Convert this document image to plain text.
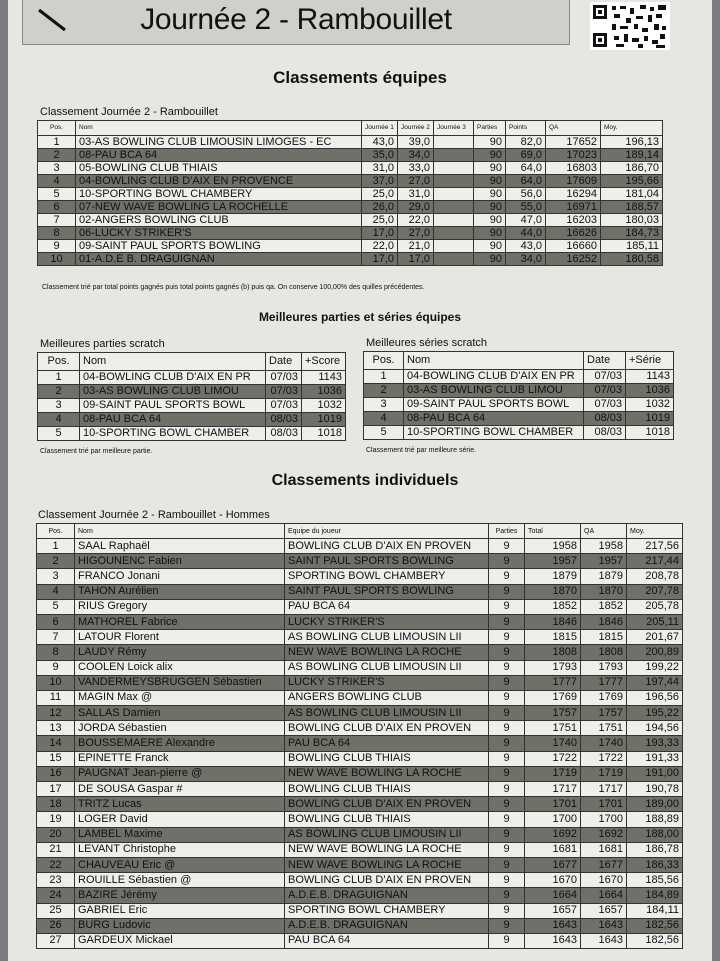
Journée 2 - Rambouillet
Classements équipes
Classement Journée 2 - Rambouillet
Pos.	Nom	Journée 1	Journée 2	Journée 3	Parties	Points	QA	Moy.
1	03-AS BOWLING CLUB LIMOUSIN LIMOGES - EC	43,0	39,0		90	82,0	17652	196,13
2	08-PAU BCA 64	35,0	34,0		90	69,0	17023	189,14
3	05-BOWLING CLUB THIAIS	31,0	33,0		90	64,0	16803	186,70
4	04-BOWLING CLUB D'AIX EN PROVENCE	37,0	27,0		90	64,0	17609	195,66
5	10-SPORTING BOWL CHAMBERY	25,0	31,0		90	56,0	16294	181,04
6	07-NEW WAVE BOWLING LA ROCHELLE	26,0	29,0		90	55,0	16971	188,57
7	02-ANGERS BOWLING CLUB	25,0	22,0		90	47,0	16203	180,03
8	06-LUCKY STRIKER'S	17,0	27,0		90	44,0	16626	184,73
9	09-SAINT PAUL SPORTS BOWLING	22,0	21,0		90	43,0	16660	185,11
10	01-A.D.E B. DRAGUIGNAN	17,0	17,0		90	34,0	16252	180,58
Classement trié par total points gagnés puis total points gagnés (b) puis qa. On conserve 100,00% des quilles précédentes.
Meilleures parties et séries équipes
Meilleures parties scratch
Pos.	Nom	Date	+Score
1	04-BOWLING CLUB D'AIX EN PR	07/03	1143
2	03-AS BOWLING CLUB LIMOU	07/03	1036
3	09-SAINT PAUL SPORTS BOWL	07/03	1032
4	08-PAU BCA 64	08/03	1019
5	10-SPORTING BOWL CHAMBER	08/03	1018
Classement trié par meilleure partie.
Meilleures séries scratch
Pos.	Nom	Date	+Série
1	04-BOWLING CLUB D'AIX EN PR	07/03	1143
2	03-AS BOWLING CLUB LIMOU	07/03	1036
3	09-SAINT PAUL SPORTS BOWL	07/03	1032
4	08-PAU BCA 64	08/03	1019
5	10-SPORTING BOWL CHAMBER	08/03	1018
Classement trié par meilleure série.
Classements individuels
Classement Journée 2 - Rambouillet - Hommes
Pos.	Nom	Equipe du joueur	Parties	Total	QA	Moy.
1	SAAL Raphaël	BOWLING CLUB D'AIX EN PROVEN	9	1958	1958	217,56
2	HIGOUNENC Fabien	SAINT PAUL SPORTS BOWLING	9	1957	1957	217,44
3	FRANCO Jonani	SPORTING BOWL CHAMBERY	9	1879	1879	208,78
4	TAHON Aurélien	SAINT PAUL SPORTS BOWLING	9	1870	1870	207,78
5	RIUS Gregory	PAU BCA 64	9	1852	1852	205,78
6	MATHOREL Fabrice	LUCKY STRIKER'S	9	1846	1846	205,11
7	LATOUR Florent	AS BOWLING CLUB LIMOUSIN LII	9	1815	1815	201,67
8	LAUDY Rémy	NEW WAVE BOWLING LA ROCHE	9	1808	1808	200,89
9	COOLEN Loick alix	AS BOWLING CLUB LIMOUSIN LII	9	1793	1793	199,22
10	VANDERMEYSBRUGGEN Sébastien	LUCKY STRIKER'S	9	1777	1777	197,44
11	MAGIN Max @	ANGERS BOWLING CLUB	9	1769	1769	196,56
12	SALLAS Damien	AS BOWLING CLUB LIMOUSIN LII	9	1757	1757	195,22
13	JORDA Sébastien	BOWLING CLUB D'AIX EN PROVEN	9	1751	1751	194,56
14	BOUSSEMAERE Alexandre	PAU BCA 64	9	1740	1740	193,33
15	EPINETTE Franck	BOWLING CLUB THIAIS	9	1722	1722	191,33
16	PAUGNAT Jean-pierre @	NEW WAVE BOWLING LA ROCHE	9	1719	1719	191,00
17	DE SOUSA Gaspar #	BOWLING CLUB THIAIS	9	1717	1717	190,78
18	TRITZ Lucas	BOWLING CLUB D'AIX EN PROVEN	9	1701	1701	189,00
19	LOGER David	BOWLING CLUB THIAIS	9	1700	1700	188,89
20	LAMBEL Maxime	AS BOWLING CLUB LIMOUSIN LII	9	1692	1692	188,00
21	LEVANT Christophe	NEW WAVE BOWLING LA ROCHE	9	1681	1681	186,78
22	CHAUVEAU Eric @	NEW WAVE BOWLING LA ROCHE	9	1677	1677	186,33
23	ROUILLE Sébastien @	BOWLING CLUB D'AIX EN PROVEN	9	1670	1670	185,56
24	BAZIRE Jérémy	A.D.E.B. DRAGUIGNAN	9	1664	1664	184,89
25	GABRIEL Eric	SPORTING BOWL CHAMBERY	9	1657	1657	184,11
26	BURG Ludovic	A.D.E.B. DRAGUIGNAN	9	1643	1643	182,56
27	GARDEUX Mickael	PAU BCA 64	9	1643	1643	182,56
